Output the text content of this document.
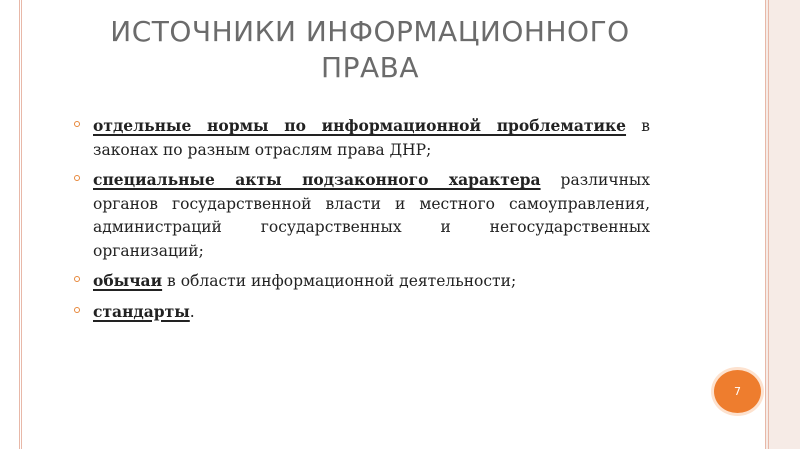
ИСТОЧНИКИ ИНФОРМАЦИОННОГО ПРАВА
отдельные нормы по информационной проблематике в законах по разным отраслям права ДНР;
специальные акты подзаконного характера различных органов государственной власти и местного самоуправления, администраций государственных и негосударственных организаций;
обычаи в области информационной деятельности;
стандарты.
7
